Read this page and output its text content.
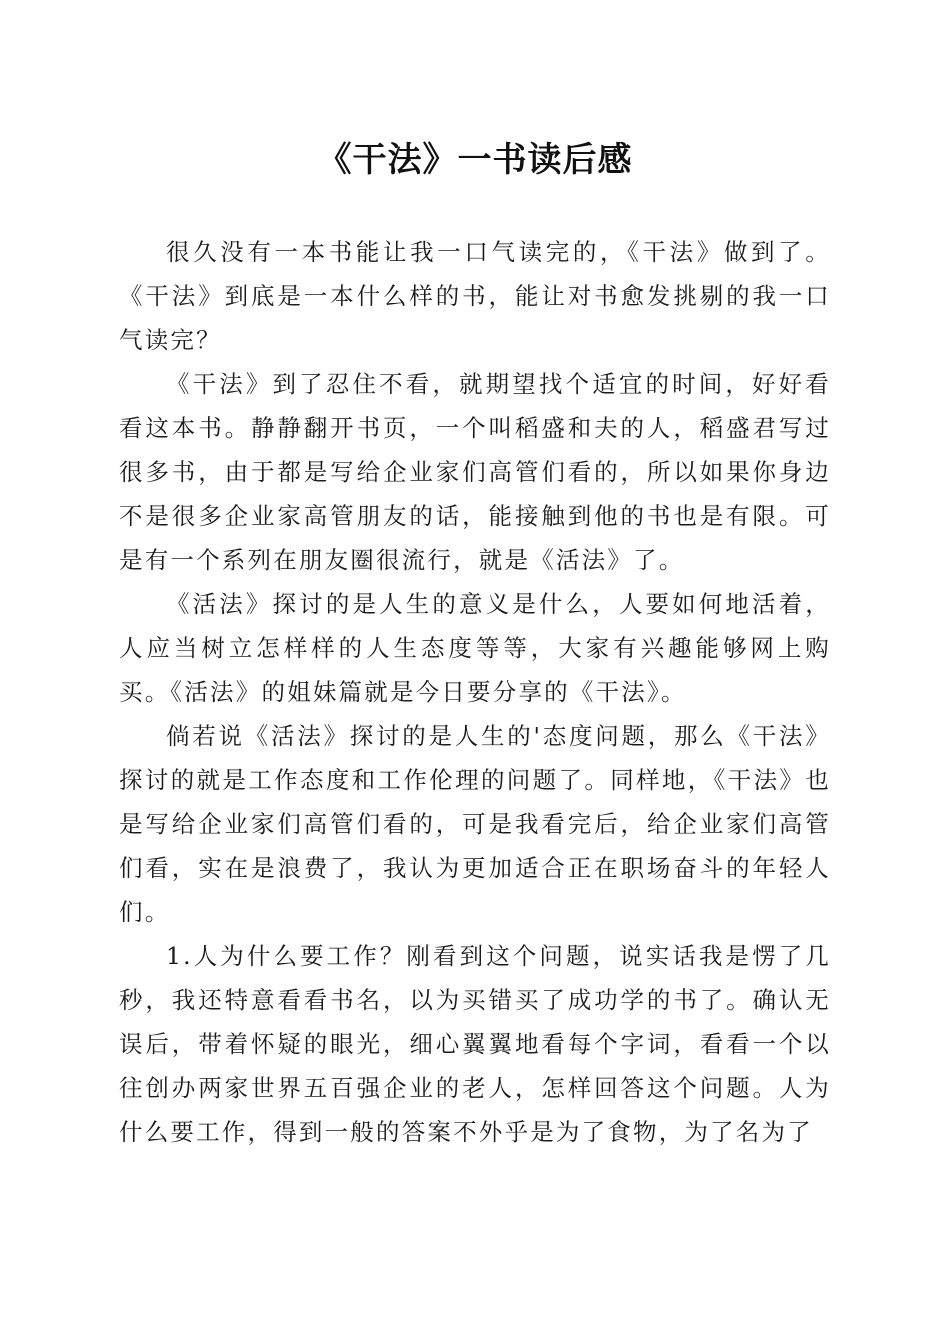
《干法》一书读后感

很久没有一本书能让我一口气读完的，《干法》做到了。《干法》到底是一本什么样的书，能让对书愈发挑剔的我一口气读完？

《干法》到了忍住不看，就期望找个适宜的时间，好好看看这本书。静静翻开书页，一个叫稻盛和夫的人，稻盛君写过很多书，由于都是写给企业家们高管们看的，所以如果你身边不是很多企业家高管朋友的话，能接触到他的书也是有限。可是有一个系列在朋友圈很流行，就是《活法》了。

《活法》探讨的是人生的意义是什么，人要如何地活着，人应当树立怎样样的人生态度等等，大家有兴趣能够网上购买。《活法》的姐妹篇就是今日要分享的《干法》。

倘若说《活法》探讨的是人生的'态度问题，那么《干法》探讨的就是工作态度和工作伦理的问题了。同样地，《干法》也是写给企业家们高管们看的，可是我看完后，给企业家们高管们看，实在是浪费了，我认为更加适合正在职场奋斗的年轻人们。

1.人为什么要工作？刚看到这个问题，说实话我是愣了几秒，我还特意看看书名，以为买错买了成功学的书了。确认无误后，带着怀疑的眼光，细心翼翼地看每个字词，看看一个以往创办两家世界五百强企业的老人，怎样回答这个问题。人为什么要工作，得到一般的答案不外乎是为了食物，为了名为了
